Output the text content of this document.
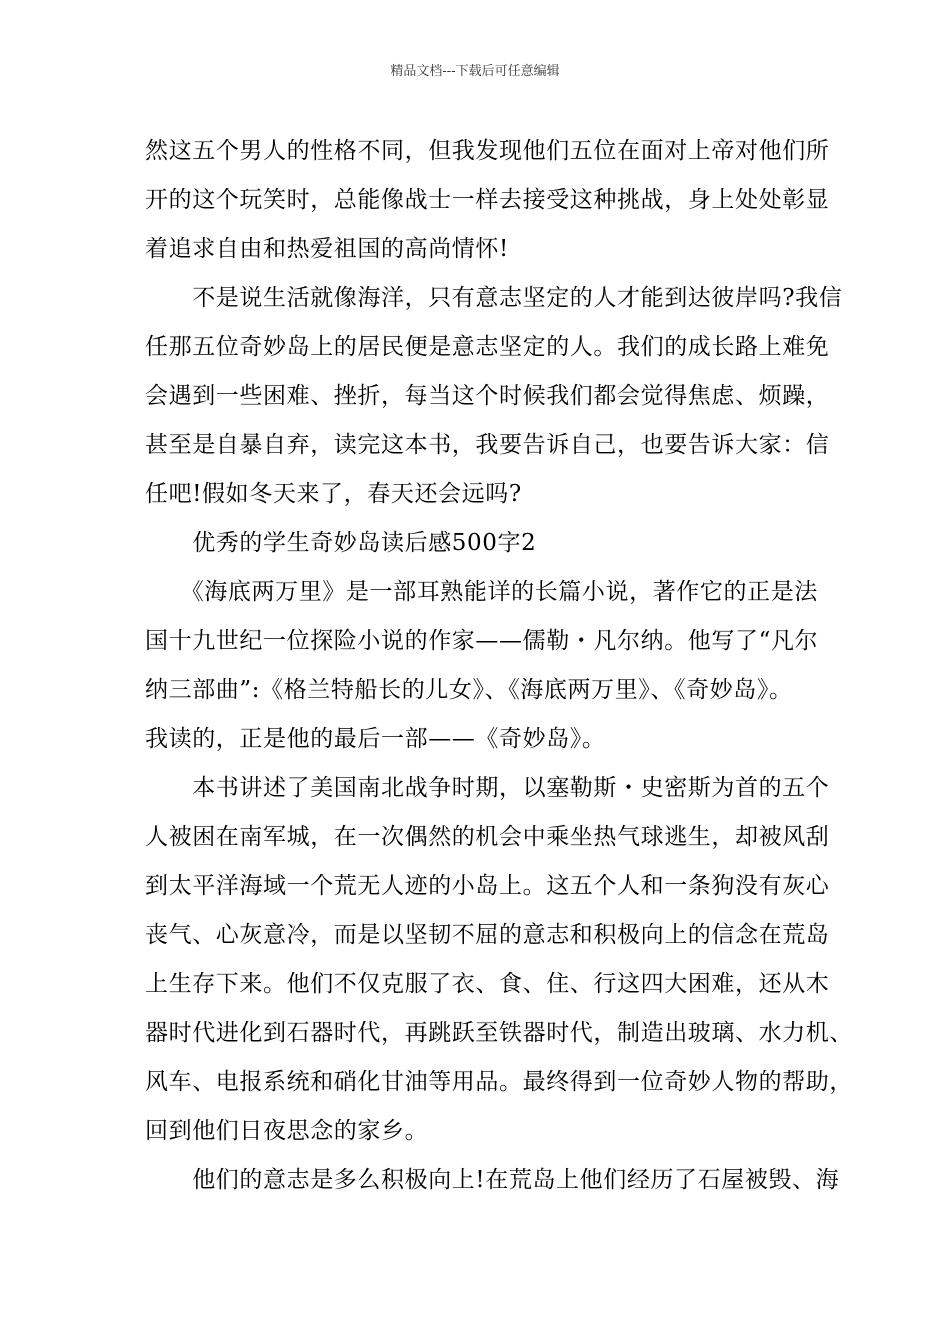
精品文档---下载后可任意编辑

然这五个男人的性格不同，但我发现他们五位在面对上帝对他们所
开的这个玩笑时，总能像战士一样去接受这种挑战，身上处处彰显
着追求自由和热爱祖国的高尚情怀!

　　不是说生活就像海洋，只有意志坚定的人才能到达彼岸吗?我信
任那五位奇妙岛上的居民便是意志坚定的人。我们的成长路上难免
会遇到一些困难、挫折，每当这个时候我们都会觉得焦虑、烦躁，
甚至是自暴自弃，读完这本书，我要告诉自己，也要告诉大家：信
任吧!假如冬天来了，春天还会远吗?

　　优秀的学生奇妙岛读后感500字2

　　《海底两万里》是一部耳熟能详的长篇小说，著作它的正是法
国十九世纪一位探险小说的作家——儒勒・凡尔纳。他写了“凡尔
纳三部曲”:《格兰特船长的儿女》、《海底两万里》、《奇妙岛》。
我读的，正是他的最后一部——《奇妙岛》。

　　本书讲述了美国南北战争时期，以塞勒斯・史密斯为首的五个
人被困在南军城，在一次偶然的机会中乘坐热气球逃生，却被风刮
到太平洋海域一个荒无人迹的小岛上。这五个人和一条狗没有灰心
丧气、心灰意冷，而是以坚韧不屈的意志和积极向上的信念在荒岛
上生存下来。他们不仅克服了衣、食、住、行这四大困难，还从木
器时代进化到石器时代，再跳跃至铁器时代，制造出玻璃、水力机、
风车、电报系统和硝化甘油等用品。最终得到一位奇妙人物的帮助，
回到他们日夜思念的家乡。

　　他们的意志是多么积极向上!在荒岛上他们经历了石屋被毁、海
